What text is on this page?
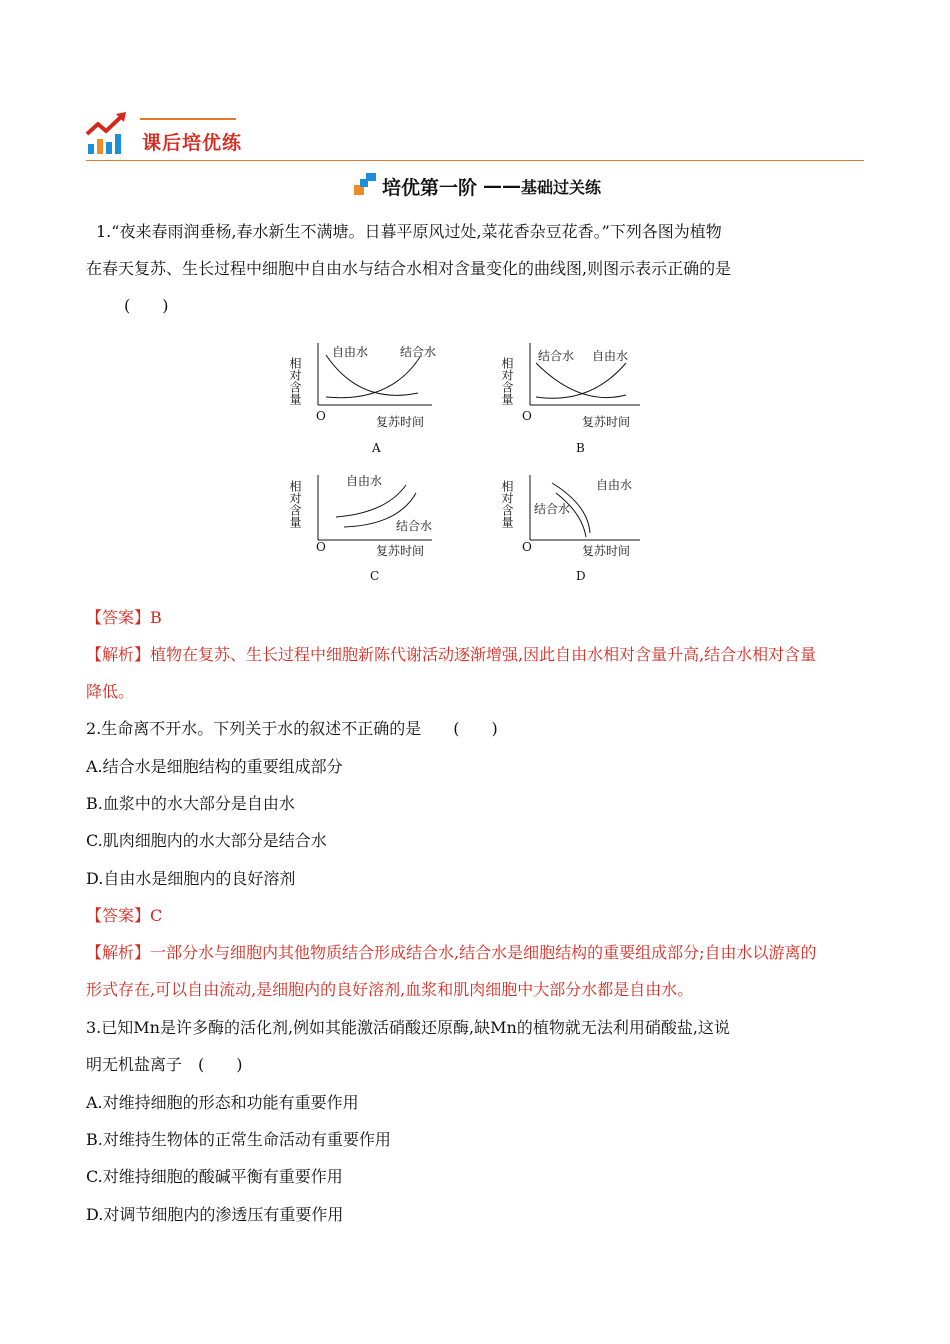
课后培优练
培优第一阶 —— 基础过关练
1.“夜来春雨润垂杨,春水新生不满塘。日暮平原风过处,菜花香杂豆花香。”下列各图为植物
在春天复苏、生长过程中细胞中自由水与结合水相对含量变化的曲线图,则图示表示正确的是
(　　)
相对含量
O	复苏时间
自由水	结合水
A
相对含量
O	复苏时间
结合水 自由水
B
相对含量
O	复苏时间
自由水
结合水
C
相对含量
O	复苏时间
自由水
结合水
D
【答案】B
【解析】植物在复苏、生长过程中细胞新陈代谢活动逐渐增强,因此自由水相对含量升高,结合水相对含量
降低。
2.生命离不开水。下列关于水的叙述不正确的是　　(　　)
A.结合水是细胞结构的重要组成部分
B.血浆中的水大部分是自由水
C.肌肉细胞内的水大部分是结合水
D.自由水是细胞内的良好溶剂
【答案】C
【解析】一部分水与细胞内其他物质结合形成结合水,结合水是细胞结构的重要组成部分;自由水以游离的
形式存在,可以自由流动,是细胞内的良好溶剂,血浆和肌肉细胞中大部分水都是自由水。
3.已知Mn是许多酶的活化剂,例如其能激活硝酸还原酶,缺Mn的植物就无法利用硝酸盐,这说
明无机盐离子　(　　)
A.对维持细胞的形态和功能有重要作用
B.对维持生物体的正常生命活动有重要作用
C.对维持细胞的酸碱平衡有重要作用
D.对调节细胞内的渗透压有重要作用
